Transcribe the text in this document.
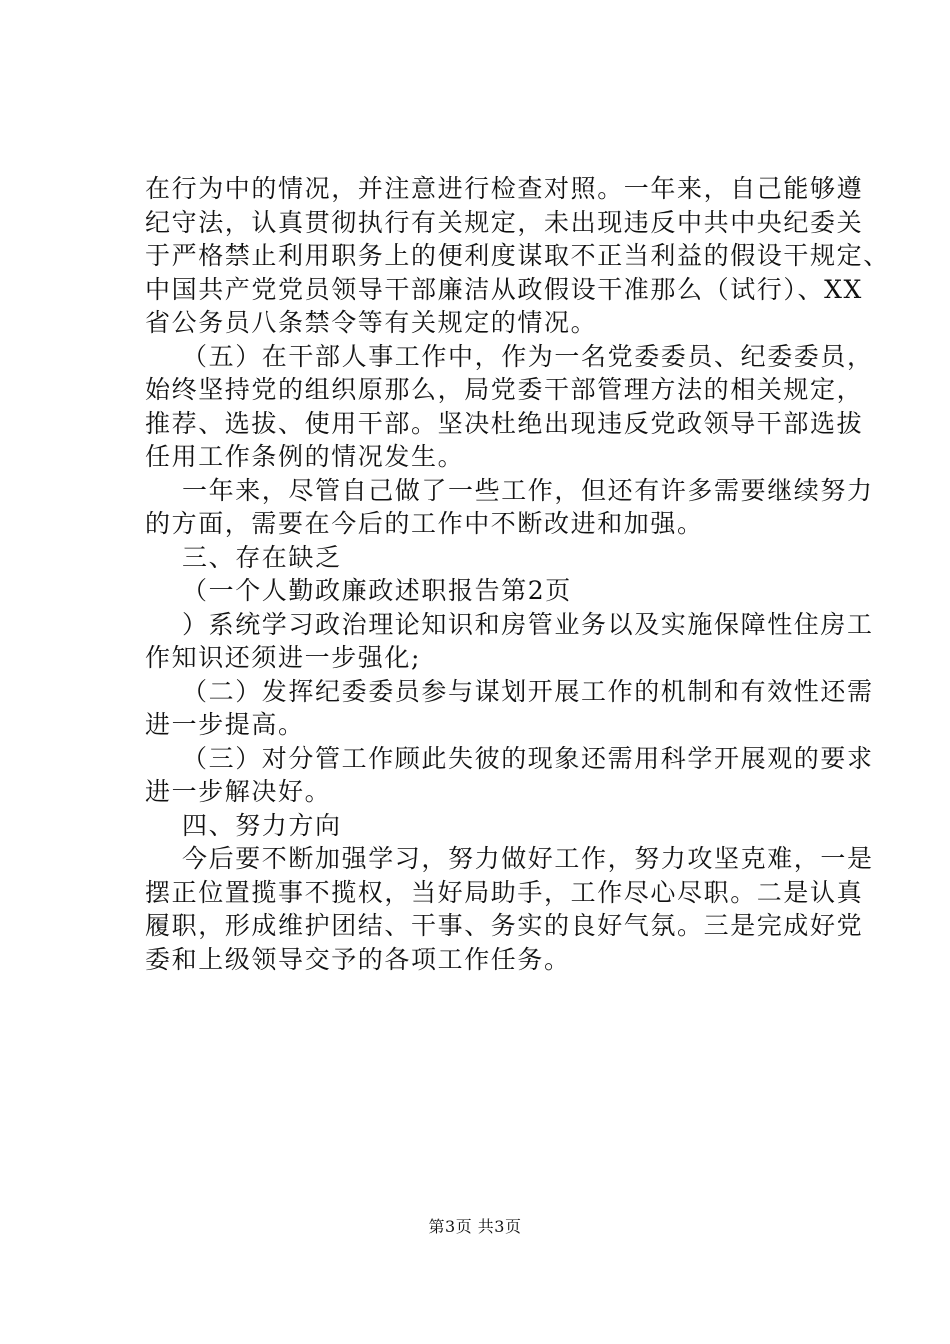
在行为中的情况，并注意进行检查对照。一年来，自己能够遵
纪守法，认真贯彻执行有关规定，未出现违反中共中央纪委关
于严格禁止利用职务上的便利度谋取不正当利益的假设干规定、
中国共产党党员领导干部廉洁从政假设干准那么（试行）、XX
省公务员八条禁令等有关规定的情况。
（五）在干部人事工作中，作为一名党委委员、纪委委员，
始终坚持党的组织原那么，局党委干部管理方法的相关规定，
推荐、选拔、使用干部。坚决杜绝出现违反党政领导干部选拔
任用工作条例的情况发生。
一年来，尽管自己做了一些工作，但还有许多需要继续努力
的方面，需要在今后的工作中不断改进和加强。
三、存在缺乏
（一个人勤政廉政述职报告第2页
）系统学习政治理论知识和房管业务以及实施保障性住房工
作知识还须进一步强化;
（二）发挥纪委委员参与谋划开展工作的机制和有效性还需
进一步提高。
（三）对分管工作顾此失彼的现象还需用科学开展观的要求
进一步解决好。
四、努力方向
今后要不断加强学习，努力做好工作，努力攻坚克难，一是
摆正位置揽事不揽权，当好局助手，工作尽心尽职。二是认真
履职，形成维护团结、干事、务实的良好气氛。三是完成好党
委和上级领导交予的各项工作任务。
第3页 共3页
